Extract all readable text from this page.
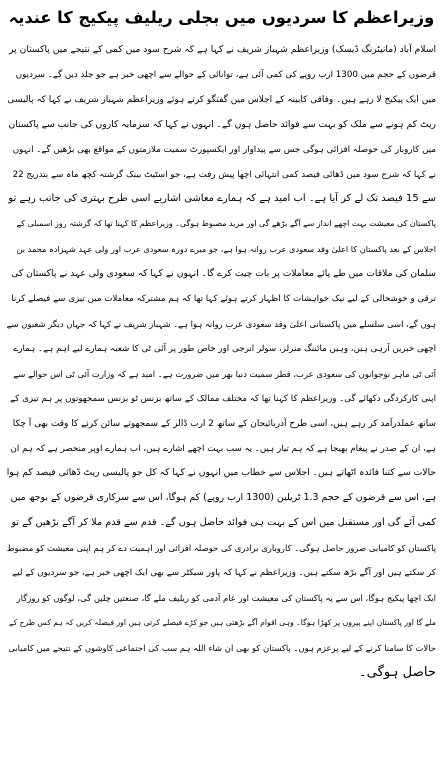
وزیراعظم کا سردیوں میں بجلی ریلیف پیکیج کا عندیہ
اسلام آباد (مانیٹرنگ ڈیسک) وزیراعظم شہباز شریف نے کہا ہے کہ شرح سود میں کمی کے نتیجے میں پاکستان پر
قرضوں کے حجم میں 1300 ارب روپے کی کمی آئی ہے، توانائی کے حوالے سے اچھی خبر ہے جو جلد دیں گے۔ سردیوں
میں ایک پیکیج لا رہے ہیں۔ وفاقی کابینہ کے اجلاس میں گفتگو کرتے ہوئے وزیراعظم شہباز شریف نے کہا کہ پالیسی
ریٹ کم ہونے سے ملک کو بہت سے فوائد حاصل ہوں گے۔ انہوں نے کہا کہ سرمایہ کاروں کی جانب سے پاکستان
میں کاروبار کی حوصلہ افزائی ہوگی جس سے پیداوار اور ایکسپورٹ سمیت ملازمتوں کے مواقع بھی بڑھیں گے۔ انہوں
نے کہا کہ شرح سود میں ڈھائی فیصد کمی انتہائی اچھا پیش رفت ہے، جو اسٹیٹ بینک گزشتہ کچھ ماہ سے بتدریج 22
سے 15 فیصد تک لے کر آیا ہے۔ اب امید ہے کہ ہمارے معاشی اشاریے اسی طرح بہتری کی جانب رہے تو
پاکستان کی معیشت بہت اچھے انداز سے آگے بڑھے گی اور مزید مضبوط ہوگی۔ وزیراعظم کا کہنا تھا کہ گزشتہ روز اسمبلی کے
اجلاس کے بعد پاکستان کا اعلیٰ وفد سعودی عرب روانہ ہوا ہے، جو میرے دورہ سعودی عرب اور ولی عہد شہزادہ محمد بن
سلمان کی ملاقات میں طے پائے معاملات پر بات چیت کرے گا۔ انہوں نے کہا کہ سعودی ولی عہد نے پاکستان کی
ترقی و خوشحالی کے لیے نیک خواہشات کا اظہار کرتے ہوئے کہا تھا کہ ہم مشترکہ معاملات میں تیزی سے فیصلے کرنا
ہوں گے، اسی سلسلے میں پاکستانی اعلیٰ وفد سعودی عرب روانہ ہوا ہے۔ شہباز شریف نے کہا کہ جہاں دیگر شعبوں سے
اچھی خبریں آرہی ہیں، وہیں مائننگ منرلز، سولر انرجی اور خاص طور پر آئی ٹی کا شعبہ ہمارے لیے اہم ہے۔ ہمارے
آئی ٹی ماہر نوجوانوں کی سعودی عرب، قطر سمیت دنیا بھر میں ضرورت ہے۔ امید ہے کہ وزارت آئی ٹی اس حوالے سے
اپنی کارکردگی دکھائے گی۔ وزیراعظم کا کہنا تھا کہ مختلف ممالک کے ساتھ بزنس ٹو بزنس سمجھوتوں پر ہم تیزی کے
ساتھ عملدرآمد کر رہے ہیں، اسی طرح آذربائیجان کے ساتھ 2 ارب ڈالر کے سمجھوتے سائن کرنے کا وقت بھی آ چکا
ہے، ان کے صدر نے پیغام بھیجا ہے کہ ہم تیار ہیں۔ یہ سب بہت اچھے اشارے ہیں، اب ہمارے اوپر منحصر ہے کہ ہم ان
حالات سے کتنا فائدہ اٹھاتے ہیں۔ اجلاس سے خطاب میں انہوں نے کہا کہ کل جو پالیسی ریٹ ڈھائی فیصد کم ہوا
ہے، اس سے قرضوں کے حجم 1.3 ٹریلین (1300 ارب روپے) کم ہوگا، اس سے سرکاری قرضوں کے بوجھ میں
کمی آئے گی اور مستقبل میں اس کے بہت ہی فوائد حاصل ہوں گے۔ قدم سے قدم ملا کر آگے بڑھیں گے تو
پاکستان کو کامیابی ضرور حاصل ہوگی۔ کاروباری برادری کی حوصلہ افزائی اور اہمیت دے کر ہم اپنی معیشت کو مضبوط
کر سکتے ہیں اور آگے بڑھ سکتے ہیں۔ وزیراعظم نے کہا کہ پاور سیکٹر سے بھی ایک اچھی خبر ہے، جو سردیوں کے لیے
ایک اچھا پیکیج ہوگا، اس سے یہ پاکستان کی معیشت اور عام آدمی کو ریلیف ملے گا، صنعتیں چلیں گی، لوگوں کو روزگار
ملے گا اور پاکستان اپنے پیروں پر کھڑا ہوگا۔ وہی اقوام آگے بڑھتی ہیں جو کڑے فیصلے کرتی ہیں اور فیصلہ کریں کہ ہم کس طرح کے
حالات کا سامنا کرنے کے لیے پرعزم ہوں۔ پاکستان کو بھی ان شاء اللہ ہم سب کی اجتماعی کاوشوں کے نتیجے میں کامیابی
حاصل ہوگی۔
